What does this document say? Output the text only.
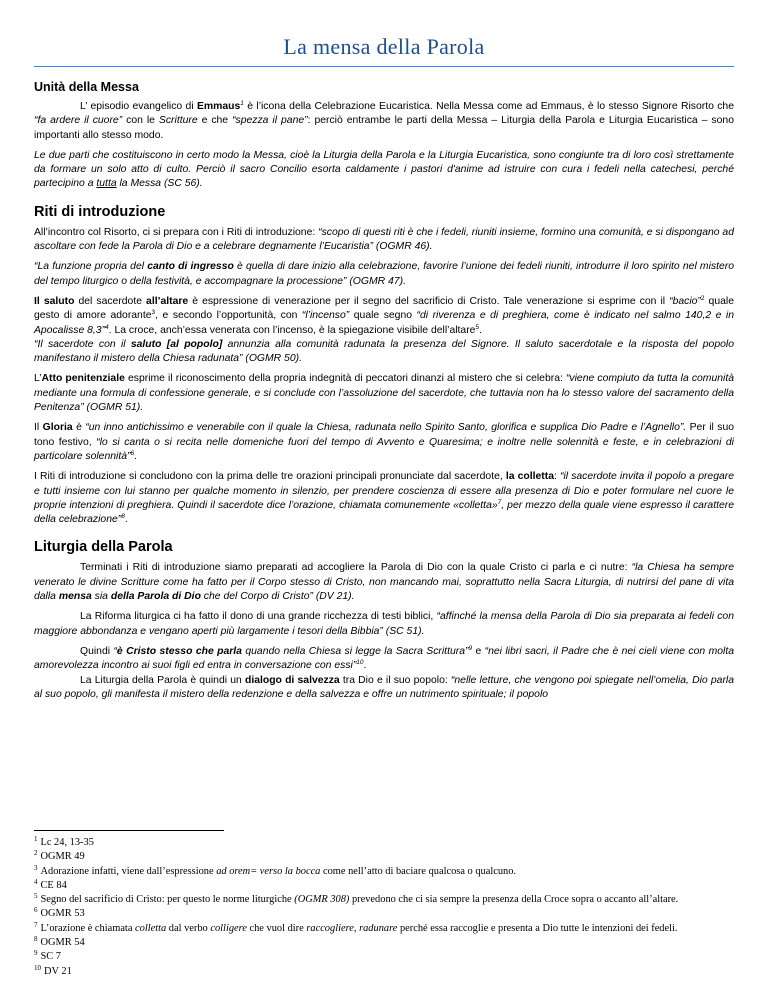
La mensa della Parola
Unità della Messa

L’ episodio evangelico di Emmaus$^1$ è l’icona della Celebrazione Eucaristica. Nella Messa come ad Emmaus, è lo stesso Signore Risorto che “fa ardere il cuore” con le Scritture e che “spezza il pane”: perciò entrambe le parti della Messa – Liturgia della Parola e Liturgia Eucaristica – sono importanti allo stesso modo.

Le due parti che costituiscono in certo modo la Messa, cioè la Liturgia della Parola e la Liturgia Eucaristica, sono congiunte tra di loro così strettamente da formare un solo atto di culto. Perciò il sacro Concilio esorta caldamente i pastori d'anime ad istruire con cura i fedeli nella catechesi, perché partecipino a tutta la Messa (SC 56).

Riti di introduzione

All’incontro col Risorto, ci si prepara con i Riti di introduzione: “scopo di questi riti è che i fedeli, riuniti insieme, formino una comunità, e si dispongano ad ascoltare con fede la Parola di Dio e a celebrare degnamente l’Eucaristia” (OGMR 46).

“La funzione propria del canto di ingresso è quella di dare inizio alla celebrazione, favorire l’unione dei fedeli riuniti, introdurre il loro spirito nel mistero del tempo liturgico o della festività, e accompagnare la processione” (OGMR 47).

Il saluto del sacerdote all’altare è espressione di venerazione per il segno del sacrificio di Cristo. Tale venerazione si esprime con il “bacio”$^2$ quale gesto di amore adorante$^3$, e secondo l’opportunità, con “l’incenso” quale segno “di riverenza e di preghiera, come è indicato nel salmo 140,2 e in Apocalisse 8,3”$^4$. La croce, anch’essa venerata con l’incenso, è la spiegazione visibile dell’altare$^5$.
“Il sacerdote con il saluto [al popolo] annunzia alla comunità radunata la presenza del Signore. Il saluto sacerdotale e la risposta del popolo manifestano il mistero della Chiesa radunata” (OGMR 50).

L’Atto penitenziale esprime il riconoscimento della propria indegnità di peccatori dinanzi al mistero che si celebra: “viene compiuto da tutta la comunità mediante una formula di confessione generale, e si conclude con l’assoluzione del sacerdote, che tuttavia non ha lo stesso valore del sacramento della Penitenza” (OGMR 51).

Il Gloria è “un inno antichissimo e venerabile con il quale la Chiesa, radunata nello Spirito Santo, glorifica e supplica Dio Padre e l’Agnello”. Per il suo tono festivo, “lo si canta o si recita nelle domeniche fuori del tempo di Avvento e Quaresima; e inoltre nelle solennità e feste, e in celebrazioni di particolare solennità”$^6$.

I Riti di introduzione si concludono con la prima delle tre orazioni principali pronunciate dal sacerdote, la colletta: “il sacerdote invita il popolo a pregare e tutti insieme con lui stanno per qualche momento in silenzio, per prendere coscienza di essere alla presenza di Dio e poter formulare nel cuore le proprie intenzioni di preghiera. Quindi il sacerdote dice l’orazione, chiamata comunemente «colletta»$^7$, per mezzo della quale viene espresso il carattere della celebrazione”$^8$.

Liturgia della Parola

Terminati i Riti di introduzione siamo preparati ad accogliere la Parola di Dio con la quale Cristo ci parla e ci nutre: “la Chiesa ha sempre venerato le divine Scritture come ha fatto per il Corpo stesso di Cristo, non mancando mai, soprattutto nella Sacra Liturgia, di nutrirsi del pane di vita dalla mensa sia della Parola di Dio che del Corpo di Cristo” (DV 21).

La Riforma liturgica ci ha fatto il dono di una grande ricchezza di testi biblici, “affinché la mensa della Parola di Dio sia preparata ai fedeli con maggiore abbondanza e vengano aperti più largamente i tesori della Bibbia” (SC 51).

Quindi “è Cristo stesso che parla quando nella Chiesa si legge la Sacra Scrittura”$^9$ e “nei libri sacri, il Padre che è nei cieli viene con molta amorevolezza incontro ai suoi figli ed entra in conversazione con essi”$^{10}$.

La Liturgia della Parola è quindi un dialogo di salvezza tra Dio e il suo popolo: “nelle letture, che vengono poi spiegate nell’omelia, Dio parla al suo popolo, gli manifesta il mistero della redenzione e della salvezza e offre un nutrimento spirituale; il popolo

$^1$ Lc 24, 13-35

$^2$ OGMR 49

$^3$ Adorazione infatti, viene dall’espressione ad orem= verso la bocca come nell’atto di baciare qualcosa o qualcuno.

$^4$ CE 84

$^5$ Segno del sacrificio di Cristo: per questo le norme liturgiche (OGMR 308) prevedono che ci sia sempre la presenza della Croce sopra o accanto all’altare.

$^6$ OGMR 53

$^7$ L’orazione è chiamata colletta dal verbo colligere che vuol dire raccogliere, radunare perché essa raccoglie e presenta a Dio tutte le intenzioni dei fedeli.

$^8$ OGMR 54

$^9$ SC 7

$^{10}$ DV 21
